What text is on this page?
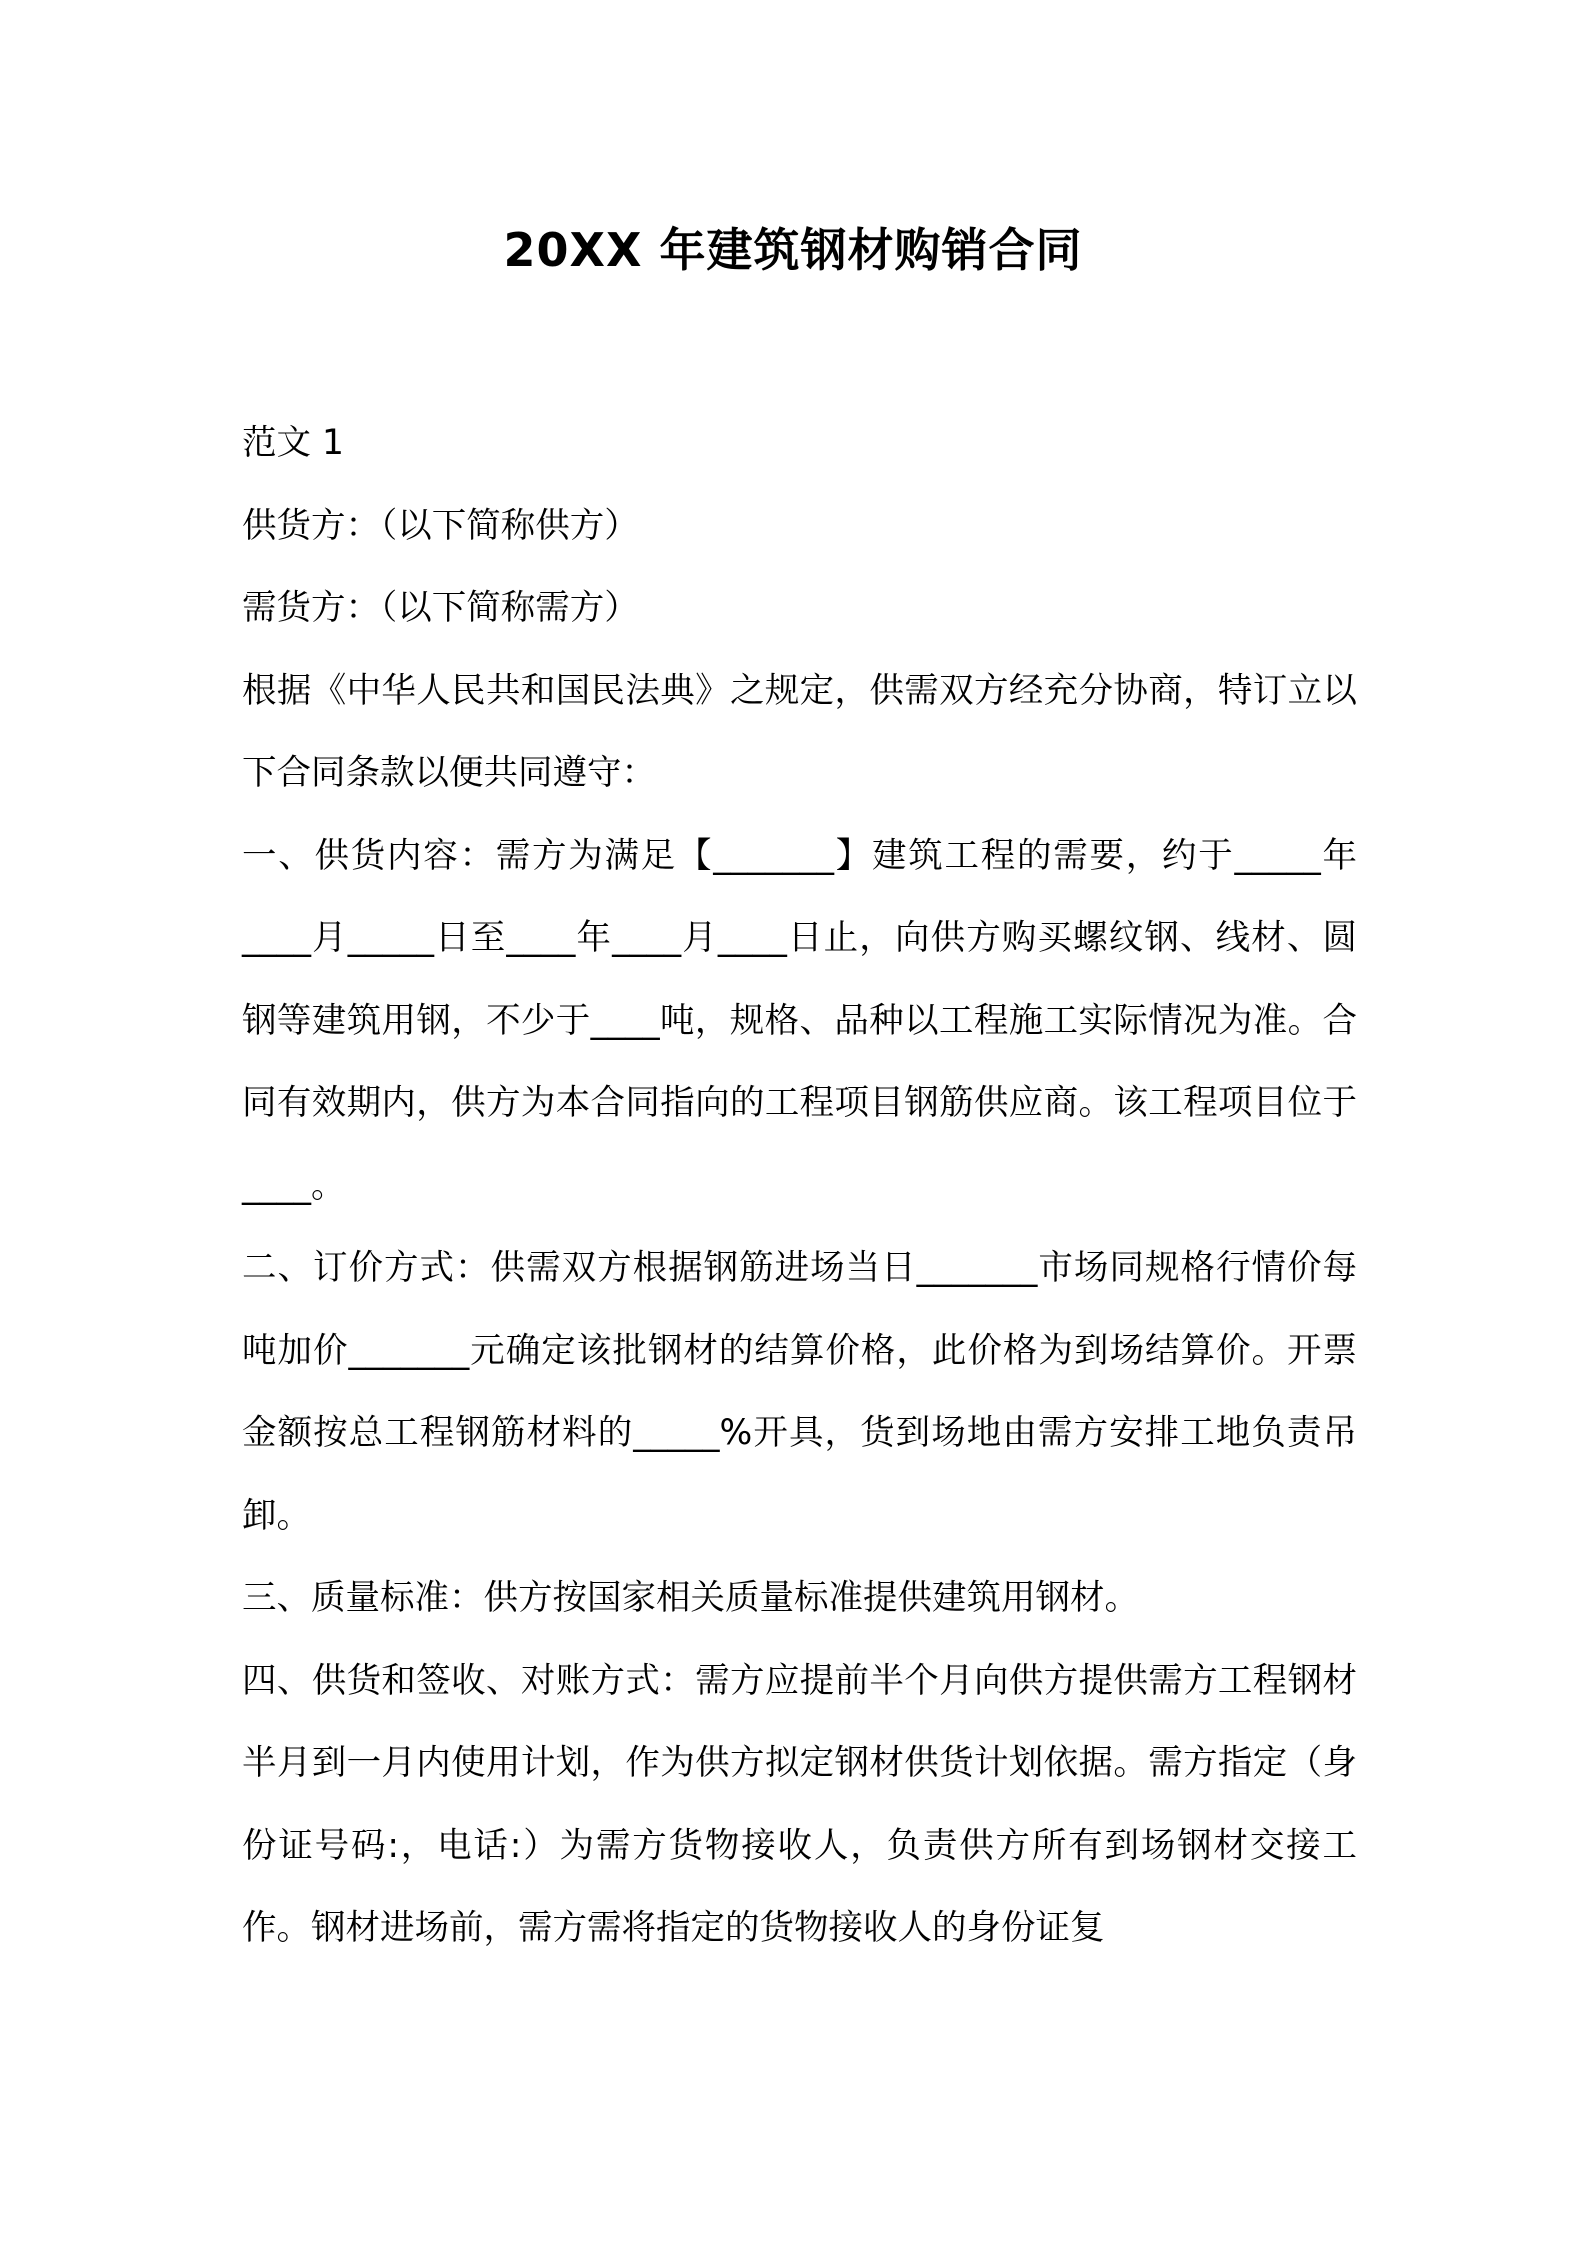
20XX 年建筑钢材购销合同

范文 1

供货方：（以下简称供方）

需货方：（以下简称需方）

根据《中华人民共和国民法典》之规定，供需双方经充分协商，特订立以下合同条款以便共同遵守：

一、供货内容：需方为满足【_______】建筑工程的需要，约于_____年____月_____日至____年____月____日止，向供方购买螺纹钢、线材、圆钢等建筑用钢，不少于____吨，规格、品种以工程施工实际情况为准。合同有效期内，供方为本合同指向的工程项目钢筋供应商。该工程项目位于____。

二、订价方式：供需双方根据钢筋进场当日_______市场同规格行情价每吨加价_______元确定该批钢材的结算价格，此价格为到场结算价。开票金额按总工程钢筋材料的_____%开具，货到场地由需方安排工地负责吊卸。

三、质量标准：供方按国家相关质量标准提供建筑用钢材。

四、供货和签收、对账方式：需方应提前半个月向供方提供需方工程钢材半月到一月内使用计划，作为供方拟定钢材供货计划依据。需方指定（身份证号码:，电话:）为需方货物接收人，负责供方所有到场钢材交接工作。钢材进场前，需方需将指定的货物接收人的身份证复
